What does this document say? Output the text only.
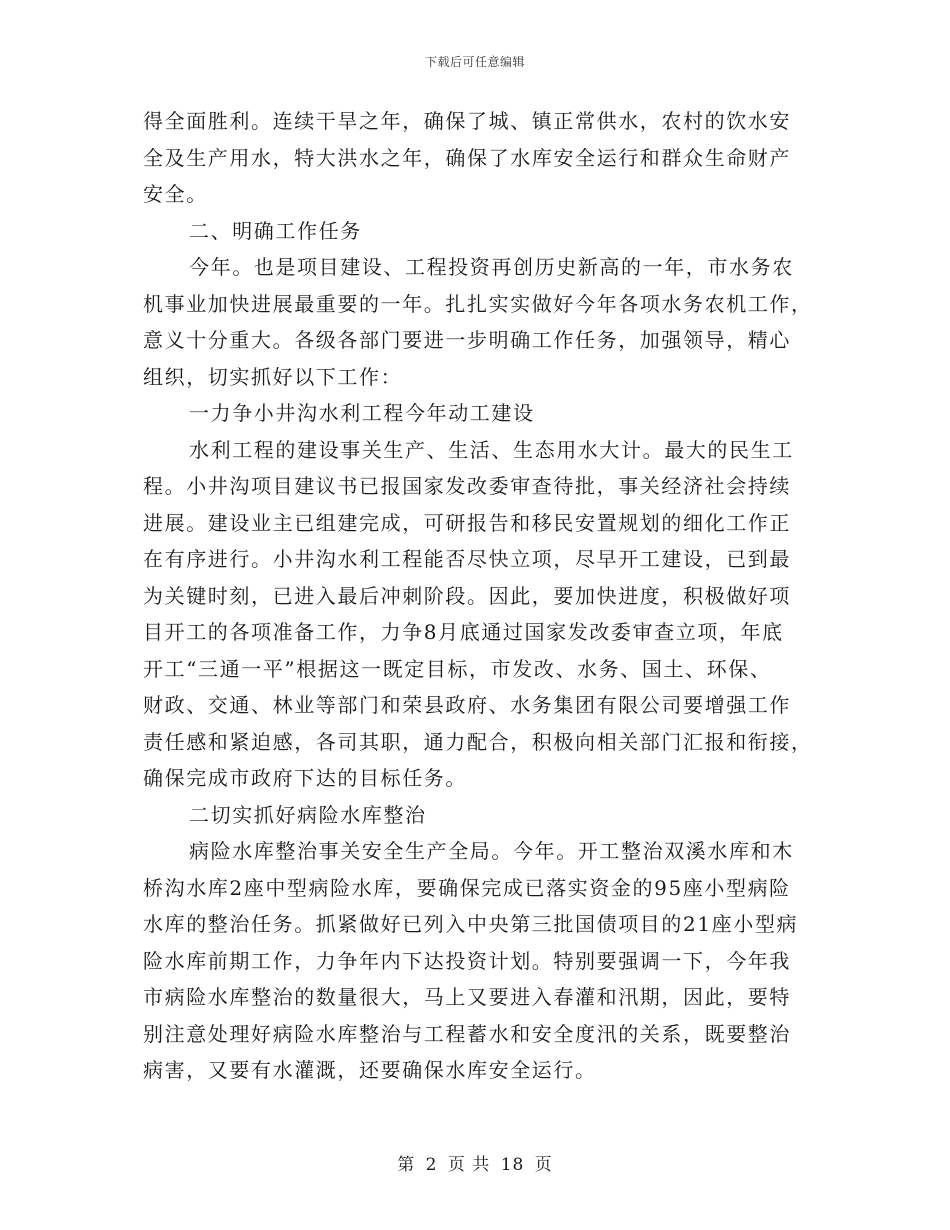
下载后可任意编辑
得全面胜利。连续干旱之年，确保了城、镇正常供水，农村的饮水安
全及生产用水，特大洪水之年，确保了水库安全运行和群众生命财产
安全。
二、明确工作任务
今年。也是项目建设、工程投资再创历史新高的一年，市水务农
机事业加快进展最重要的一年。扎扎实实做好今年各项水务农机工作，
意义十分重大。各级各部门要进一步明确工作任务，加强领导，精心
组织，切实抓好以下工作：
一力争小井沟水利工程今年动工建设
水利工程的建设事关生产、生活、生态用水大计。最大的民生工
程。小井沟项目建议书已报国家发改委审查待批，事关经济社会持续
进展。建设业主已组建完成，可研报告和移民安置规划的细化工作正
在有序进行。小井沟水利工程能否尽快立项，尽早开工建设，已到最
为关键时刻，已进入最后冲刺阶段。因此，要加快进度，积极做好项
目开工的各项准备工作，力争8月底通过国家发改委审查立项，年底
开工“三通一平”根据这一既定目标，市发改、水务、国土、环保、
财政、交通、林业等部门和荣县政府、水务集团有限公司要增强工作
责任感和紧迫感，各司其职，通力配合，积极向相关部门汇报和衔接，
确保完成市政府下达的目标任务。
二切实抓好病险水库整治
病险水库整治事关安全生产全局。今年。开工整治双溪水库和木
桥沟水库2座中型病险水库，要确保完成已落实资金的95座小型病险
水库的整治任务。抓紧做好已列入中央第三批国债项目的21座小型病
险水库前期工作，力争年内下达投资计划。特别要强调一下，今年我
市病险水库整治的数量很大，马上又要进入春灌和汛期，因此，要特
别注意处理好病险水库整治与工程蓄水和安全度汛的关系，既要整治
病害，又要有水灌溉，还要确保水库安全运行。
第 2 页 共 18 页
